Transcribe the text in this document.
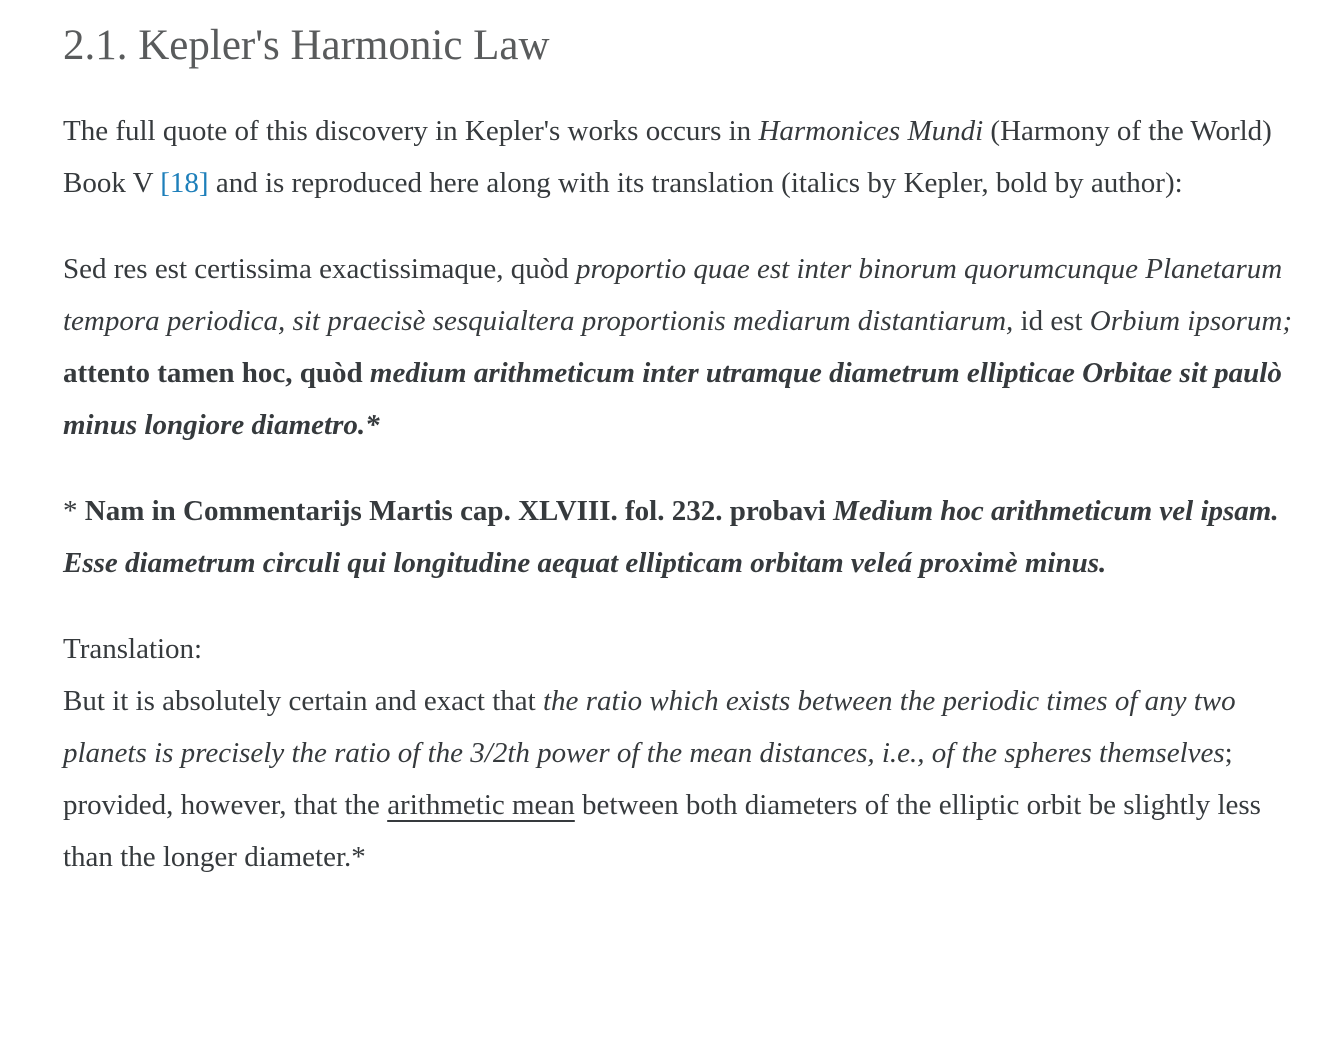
2.1. Kepler's Harmonic Law

The full quote of this discovery in Kepler's works occurs in Harmonices Mundi (Harmony of the World) Book V [18] and is reproduced here along with its translation (italics by Kepler, bold by author):

Sed res est certissima exactissimaque, quòd proportio quae est inter binorum quorumcunque Planetarum tempora periodica, sit praecisè sesquialtera proportionis mediarum distantiarum, id est Orbium ipsorum; attento tamen hoc, quòd medium arithmeticum inter utramque diametrum ellipticae Orbitae sit paulò minus longiore diametro.*

* Nam in Commentarijs Martis cap. XLVIII. fol. 232. probavi Medium hoc arithmeticum vel ipsam. Esse diametrum circuli qui longitudine aequat ellipticam orbitam veleá proximè minus.

Translation:
But it is absolutely certain and exact that the ratio which exists between the periodic times of any two planets is precisely the ratio of the 3/2th power of the mean distances, i.e., of the spheres themselves; provided, however, that the arithmetic mean between both diameters of the elliptic orbit be slightly less than the longer diameter.*
